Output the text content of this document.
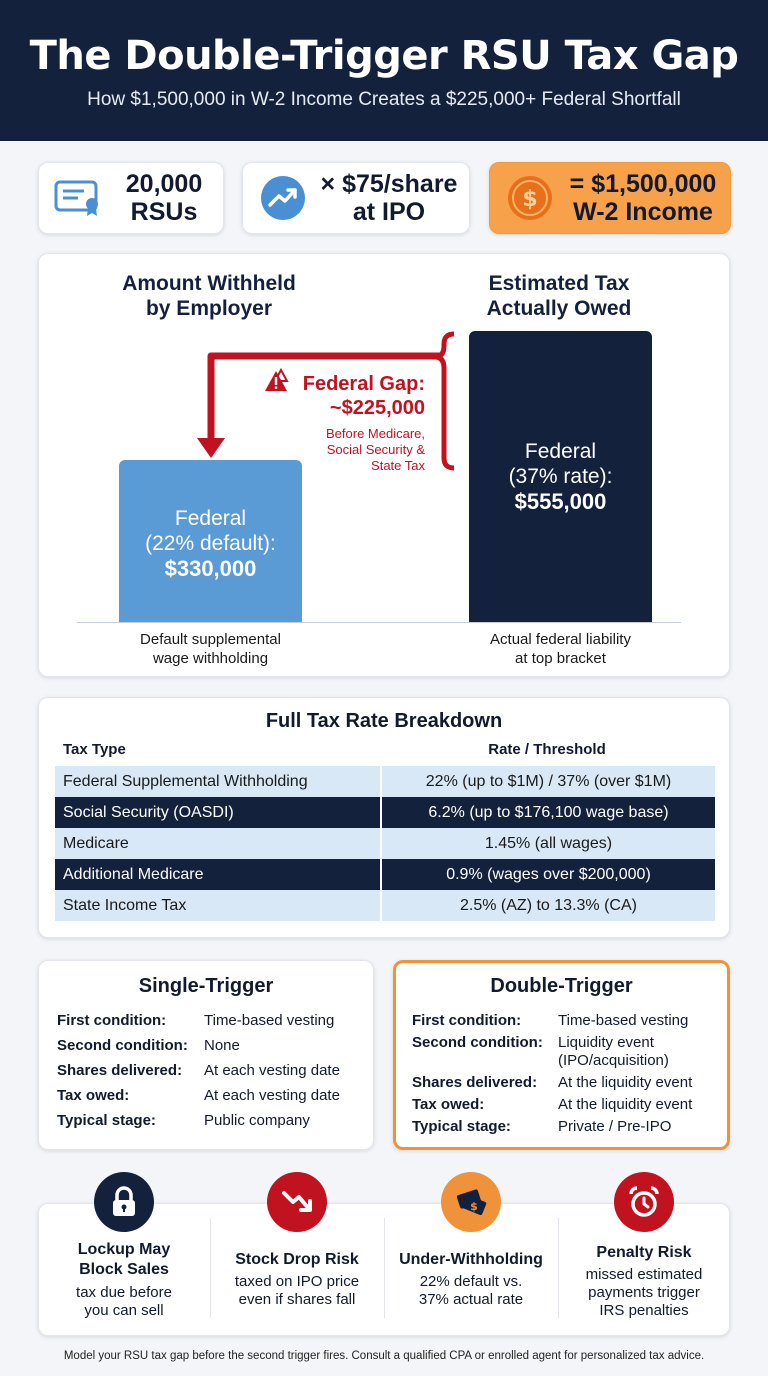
The Double-Trigger RSU Tax Gap

How $1,500,000 in W-2 Income Creates a $225,000+ Federal Shortfall

20,000
RSUs
× $75/share
at IPO	$
= $1,500,000
W-2 Income
Amount Withheld
by Employer
Estimated Tax
Actually Owed
Federal
(22% default):
$330,000
Federal
(37% rate):
$555,000
Federal Gap:
~$225,000
Before Medicare,
Social Security &
State Tax
Default supplemental
wage withholding
Actual federal liability
at top bracket
Full Tax Rate Breakdown
Tax Type	Rate / Threshold
Federal Supplemental Withholding	22% (up to $1M) / 37% (over $1M)
Social Security (OASDI)	6.2% (up to $176,100 wage base)
Medicare	1.45% (all wages)
Additional Medicare	0.9% (wages over $200,000)
State Income Tax	2.5% (AZ) to 13.3% (CA)
Single-Trigger
First condition:	Time-based vesting
Second condition: None
Shares delivered: At each vesting date
Tax owed:	At each vesting date
Typical stage:	Public company
Double-Trigger
First condition: Time-based vesting
Second condition: Liquidity event
(IPO/acquisition)
Shares delivered: At the liquidity event
Tax owed:	At the liquidity event
Typical stage:	Private / Pre-IPO
$
Lockup May
Block Sales
tax due before
you can sell
Stock Drop Risk
taxed on IPO price
even if shares fall
Under-Withholding
22% default vs.
37% actual rate
Penalty Risk
missed estimated
payments trigger
IRS penalties
Model your RSU tax gap before the second trigger fires. Consult a qualified CPA or enrolled agent for personalized tax advice.
